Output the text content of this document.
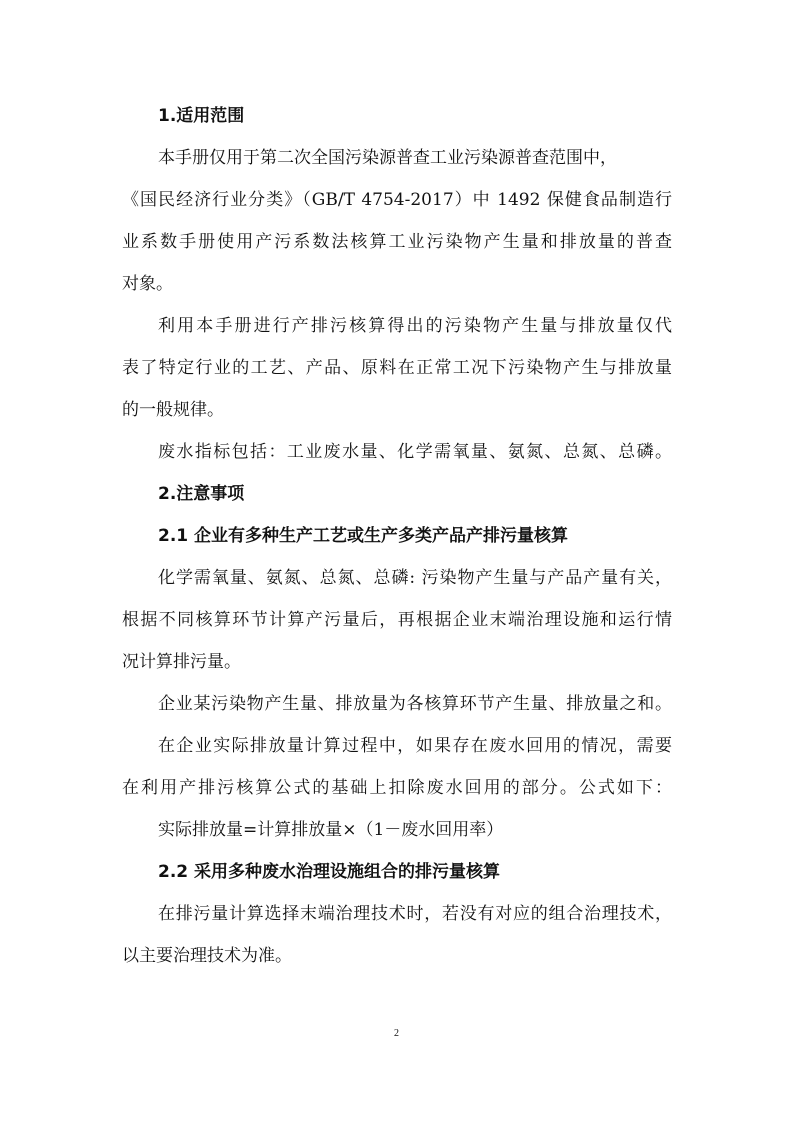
1.适用范围
本手册仅用于第二次全国污染源普查工业污染源普查范围中，
《国民经济行业分类》（GB/T 4754-2017）中 1492 保健食品制造行
业系数手册使用产污系数法核算工业污染物产生量和排放量的普查
对象。
利用本手册进行产排污核算得出的污染物产生量与排放量仅代
表了特定行业的工艺、产品、原料在正常工况下污染物产生与排放量
的一般规律。
废水指标包括：工业废水量、化学需氧量、氨氮、总氮、总磷。
2.注意事项
2.1 企业有多种生产工艺或生产多类产品产排污量核算
化学需氧量、氨氮、总氮、总磷: 污染物产生量与产品产量有关，
根据不同核算环节计算产污量后，再根据企业末端治理设施和运行情
况计算排污量。
企业某污染物产生量、排放量为各核算环节产生量、排放量之和。
在企业实际排放量计算过程中，如果存在废水回用的情况，需要
在利用产排污核算公式的基础上扣除废水回用的部分。公式如下：
实际排放量=计算排放量×（1－废水回用率）
2.2 采用多种废水治理设施组合的排污量核算
在排污量计算选择末端治理技术时，若没有对应的组合治理技术，
以主要治理技术为准。
2
